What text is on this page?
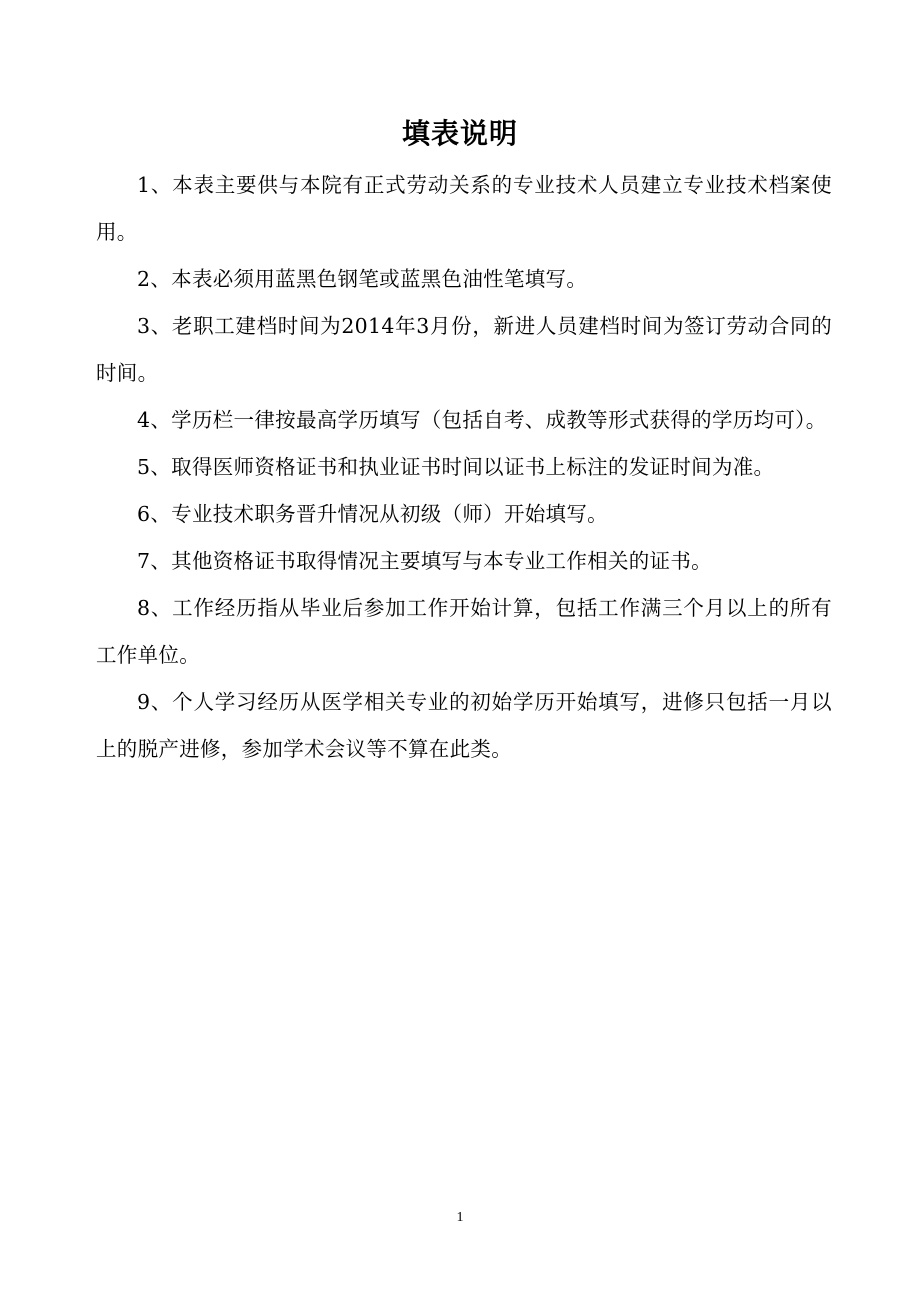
填表说明

1、本表主要供与本院有正式劳动关系的专业技术人员建立专业技术档案使用。

2、本表必须用蓝黑色钢笔或蓝黑色油性笔填写。

3、老职工建档时间为2014年3月份，新进人员建档时间为签订劳动合同的时间。

4、学历栏一律按最高学历填写（包括自考、成教等形式获得的学历均可）。

5、取得医师资格证书和执业证书时间以证书上标注的发证时间为准。

6、专业技术职务晋升情况从初级（师）开始填写。

7、其他资格证书取得情况主要填写与本专业工作相关的证书。

8、工作经历指从毕业后参加工作开始计算，包括工作满三个月以上的所有工作单位。

9、个人学习经历从医学相关专业的初始学历开始填写，进修只包括一月以上的脱产进修，参加学术会议等不算在此类。

1
